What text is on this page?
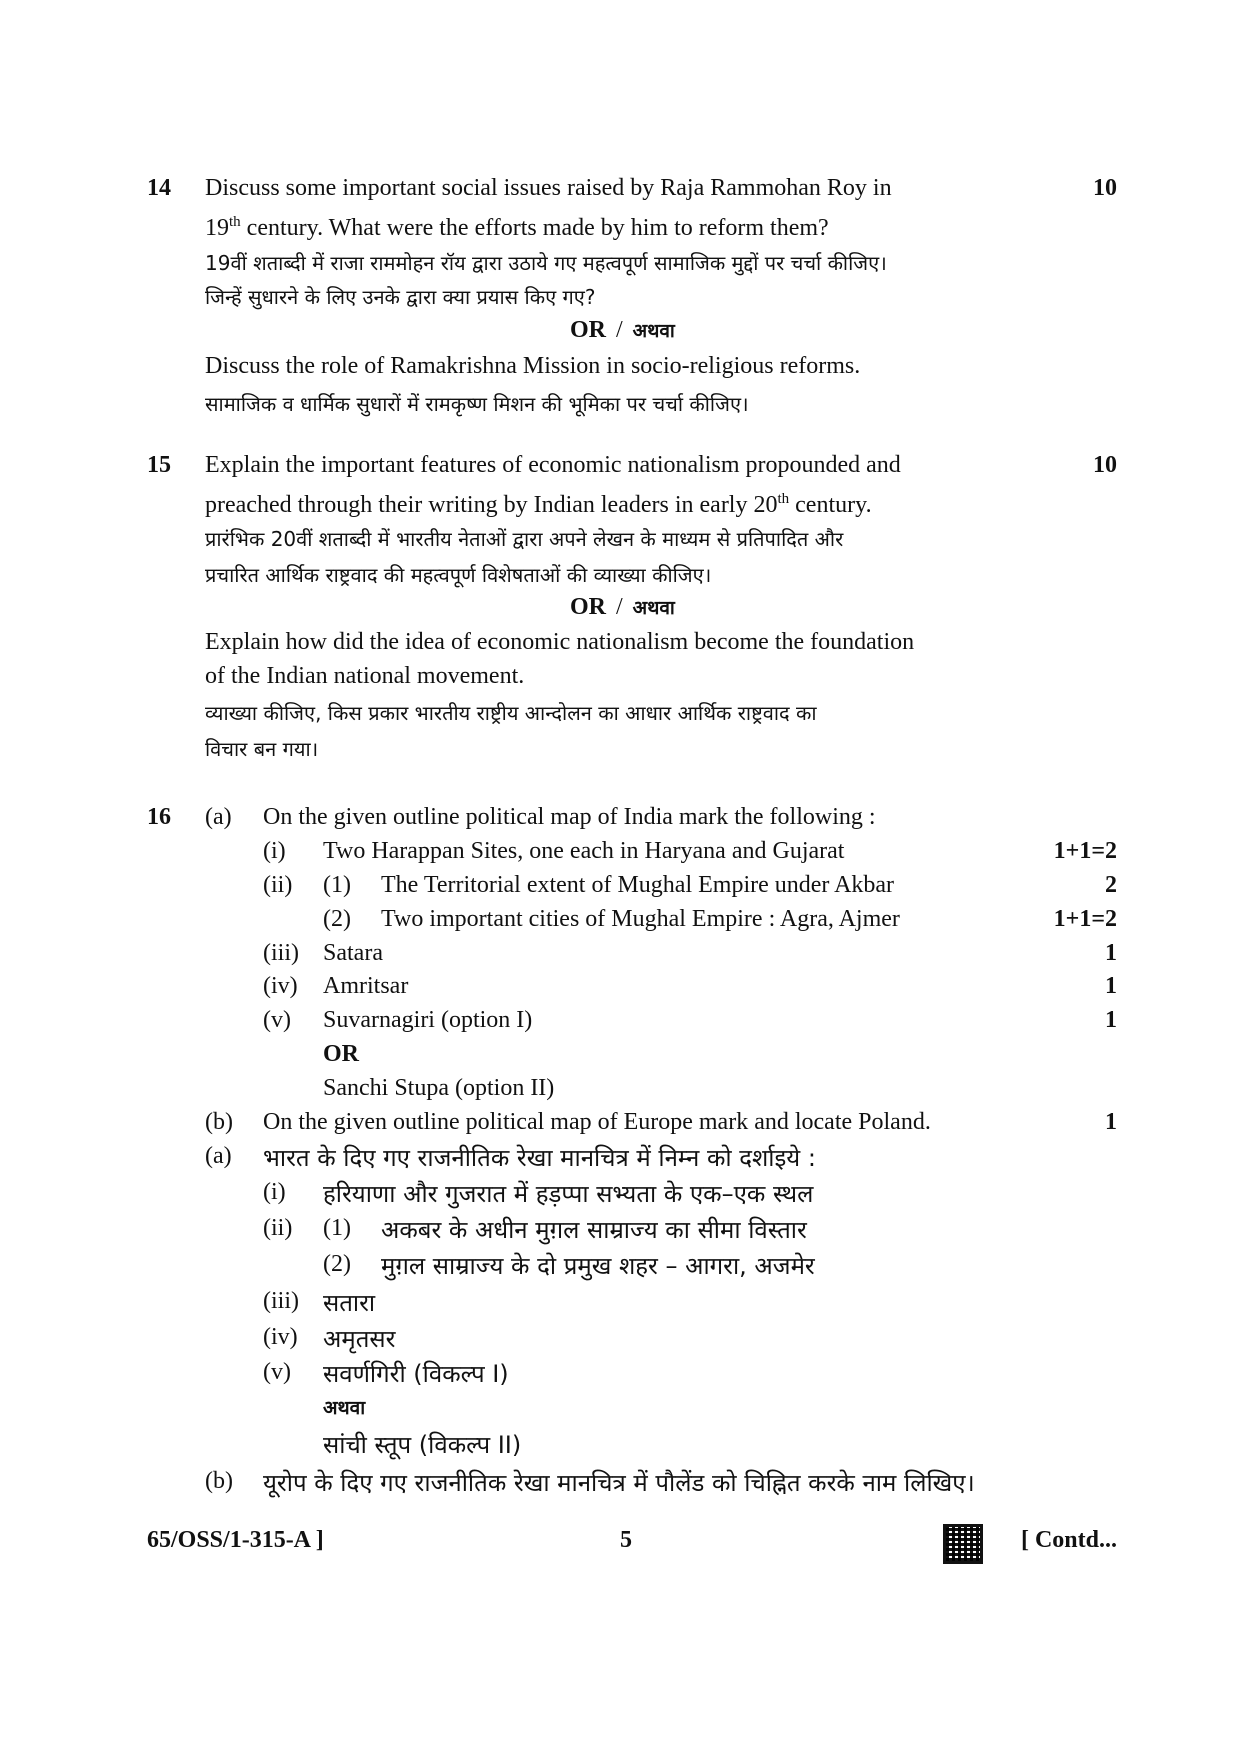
14	10
Discuss some important social issues raised by Raja Rammohan Roy in
19th century. What were the efforts made by him to reform them?
19वीं शताब्दी में राजा राममोहन रॉय द्वारा उठाये गए महत्वपूर्ण सामाजिक मुद्दों पर चर्चा कीजिए।
जिन्हें सुधारने के लिए उनके द्वारा क्या प्रयास किए गए?
OR / अथवा
Discuss the role of Ramakrishna Mission in socio-religious reforms.
सामाजिक व धार्मिक सुधारों में रामकृष्ण मिशन की भूमिका पर चर्चा कीजिए।
15	10
Explain the important features of economic nationalism propounded and
preached through their writing by Indian leaders in early 20th century.
प्रारंभिक 20वीं शताब्दी में भारतीय नेताओं द्वारा अपने लेखन के माध्यम से प्रतिपादित और
प्रचारित आर्थिक राष्ट्रवाद की महत्वपूर्ण विशेषताओं की व्याख्या कीजिए।
OR / अथवा
Explain how did the idea of economic nationalism become the foundation
of the Indian national movement.
व्याख्या कीजिए, किस प्रकार भारतीय राष्ट्रीय आन्दोलन का आधार आर्थिक राष्ट्रवाद का
विचार बन गया।
16 (a) On the given outline political map of India mark the following :
(i) Two Harappan Sites, one each in Haryana and Gujarat	1+1=2
(ii) (1) The Territorial extent of Mughal Empire under Akbar	2
(2) Two important cities of Mughal Empire : Agra, Ajmer	1+1=2
(iii) Satara	1
(iv) Amritsar	1
(v) Suvarnagiri (option I)	1
OR
Sanchi Stupa (option II)
(b) On the given outline political map of Europe mark and locate Poland.	1
(a) भारत के दिए गए राजनीतिक रेखा मानचित्र में निम्न को दर्शाइये :
(i) हरियाणा और गुजरात में हड़प्पा सभ्यता के एक–एक स्थल
(ii) (1) अकबर के अधीन मुग़ल साम्राज्य का सीमा विस्तार
(2) मुग़ल साम्राज्य के दो प्रमुख शहर – आगरा, अजमेर
(iii) सतारा
(iv) अमृतसर
(v) सवर्णगिरी (विकल्प I)
अथवा
सांची स्तूप (विकल्प II)
(b) यूरोप के दिए गए राजनीतिक रेखा मानचित्र में पौलेंड को चिह्नित करके नाम लिखिए।
65/OSS/1-315-A ]	5	[ Contd...
